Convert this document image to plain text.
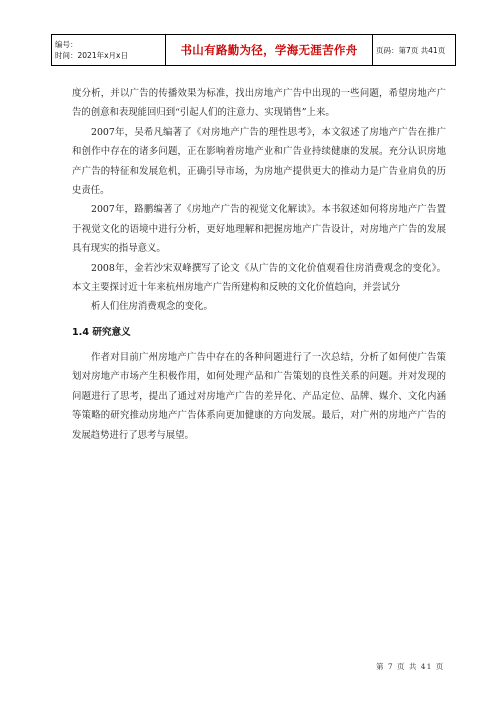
编号：
时间：2021年x月x日	书山有路勤为径，学海无涯苦作舟	页码：第7页 共41页

度分析，并以广告的传播效果为标准，找出房地产广告中出现的一些问题，希望房地产广告的创意和表现能回归到“引起人们的注意力、实现销售”上来。

2007年，吴希凡编著了《对房地产广告的理性思考》，本文叙述了房地产广告在推广和创作中存在的诸多问题，正在影响着房地产业和广告业持续健康的发展。充分认识房地产广告的特征和发展危机，正确引导市场，为房地产提供更大的推动力是广告业肩负的历史责任。

2007年，路鹏编著了《房地产广告的视觉文化解读》。本书叙述如何将房地产广告置于视觉文化的语境中进行分析，更好地理解和把握房地产广告设计，对房地产广告的发展具有现实的指导意义。

2008年，金若沙宋双峰撰写了论文《从广告的文化价值观看住房消费观念的变化》。本文主要探讨近十年来杭州房地产广告所建构和反映的文化价值趋向，并尝试分

析人们住房消费观念的变化。

1.4 研究意义

作者对目前广州房地产广告中存在的各种问题进行了一次总结，分析了如何使广告策划对房地产市场产生积极作用，如何处理产品和广告策划的良性关系的问题。并对发现的问题进行了思考，提出了通过对房地产广告的差异化、产品定位、品牌、媒介、文化内涵等策略的研究推动房地产广告体系向更加健康的方向发展。最后，对广州的房地产广告的发展趋势进行了思考与展望。

第 7 页 共 41 页
